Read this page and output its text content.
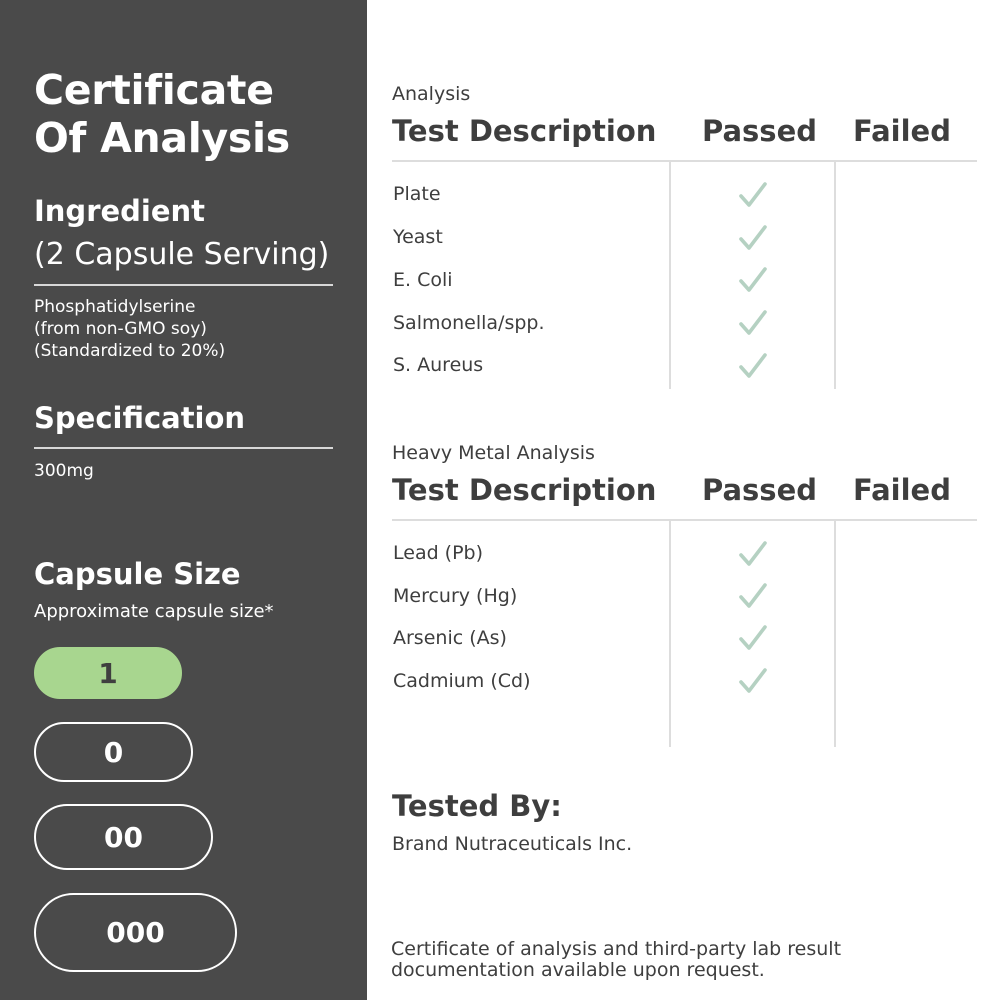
Certificate
Of Analysis
Ingredient
(2 Capsule Serving)
Phosphatidylserine
(from non-GMO soy)
(Standardized to 20%)
Specification
300mg
Capsule Size
Approximate capsule size*
1
0
00
000
Analysis
Test Description Passed Failed
Plate
Yeast
E. Coli
Salmonella/spp.
S. Aureus
Heavy Metal Analysis
Test Description Passed Failed
Lead (Pb)
Mercury (Hg)
Arsenic (As)
Cadmium (Cd)
Tested By:
Brand Nutraceuticals Inc.
Certificate of analysis and third-party lab result documentation available upon request.
